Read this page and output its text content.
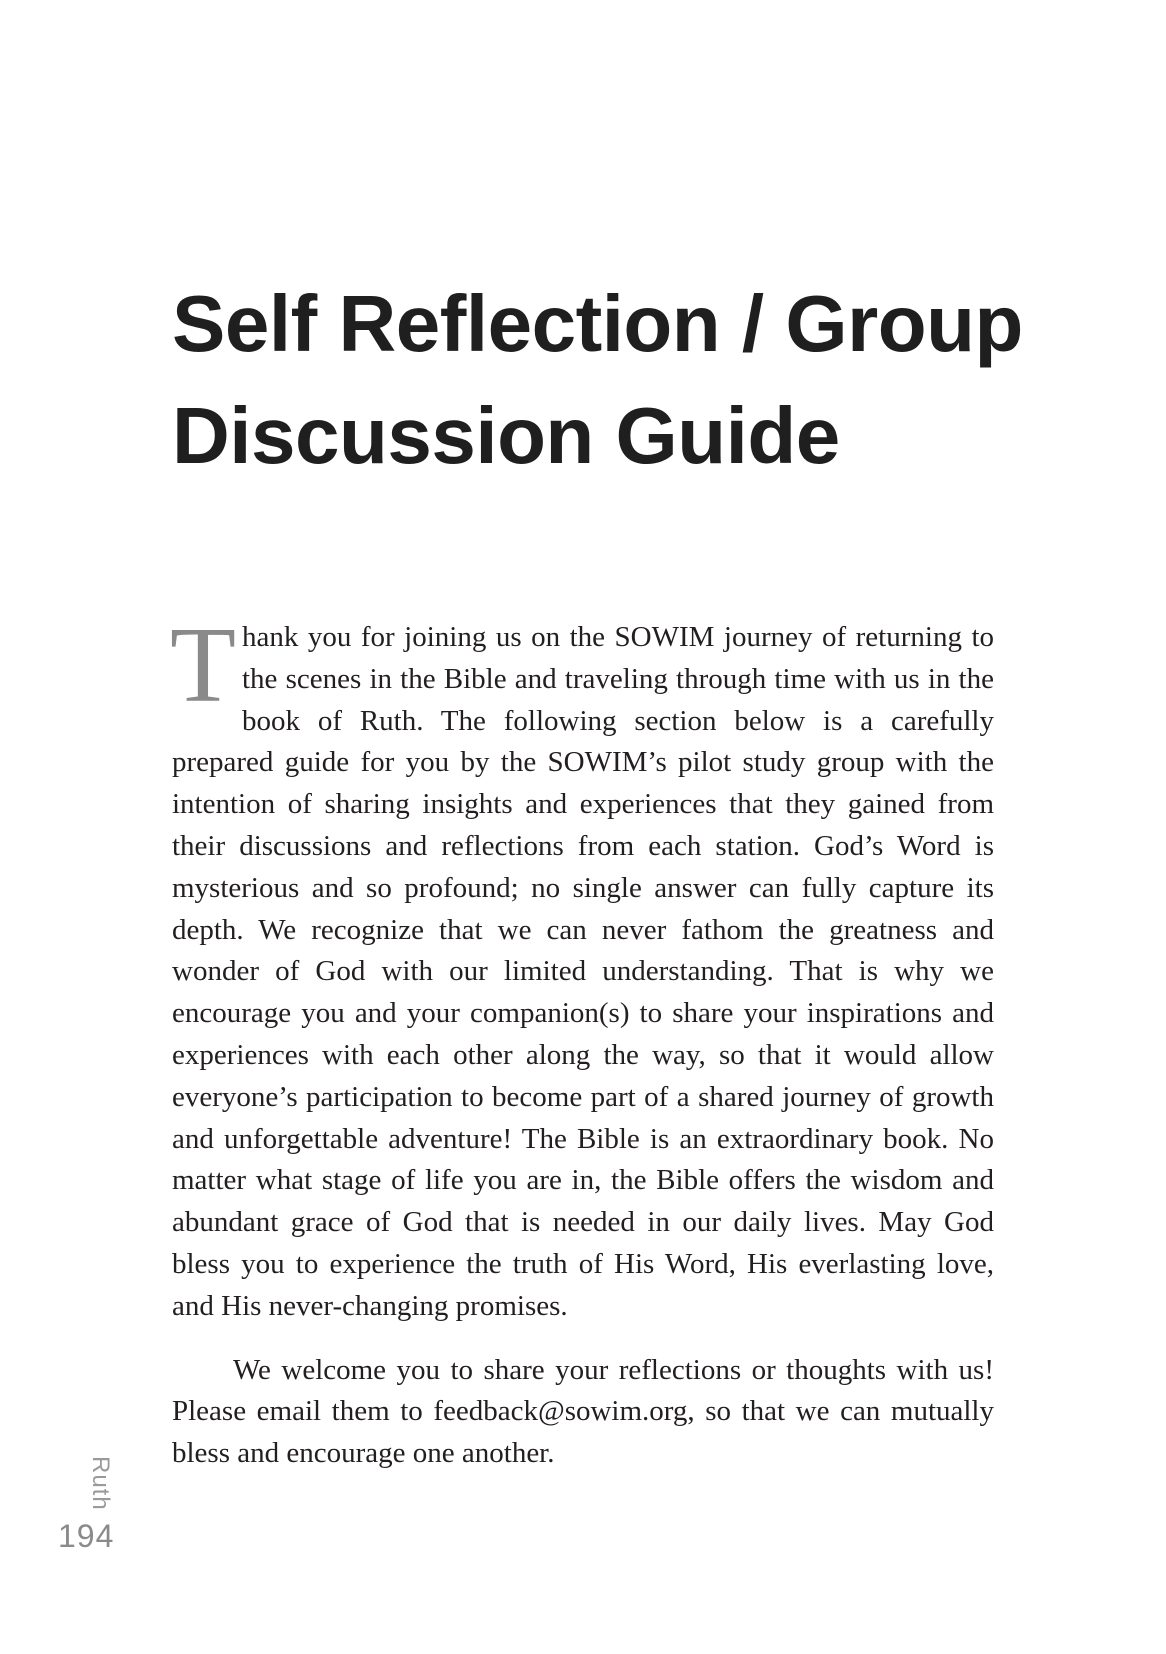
Self Reflection / Group
Discussion Guide

Thank you for joining us on the SOWIM journey of returning to the scenes in the Bible and traveling through time with us in the book of Ruth. The following section below is a carefully prepared guide for you by the SOWIM’s pilot study group with the intention of sharing insights and experiences that they gained from their discussions and reflections from each station. God’s Word is mysterious and so profound; no single answer can fully capture its depth. We recognize that we can never fathom the greatness and wonder of God with our limited understanding. That is why we encourage you and your companion(s) to share your inspirations and experiences with each other along the way, so that it would allow everyone’s participation to become part of a shared journey of growth and unforgettable adventure! The Bible is an extraordinary book. No matter what stage of life you are in, the Bible offers the wisdom and abundant grace of God that is needed in our daily lives. May God bless you to experience the truth of His Word, His everlasting love, and His never-changing promises.

We welcome you to share your reflections or thoughts with us! Please email them to feedback@sowim.org, so that we can mutually bless and encourage one another.

Ruth
194
